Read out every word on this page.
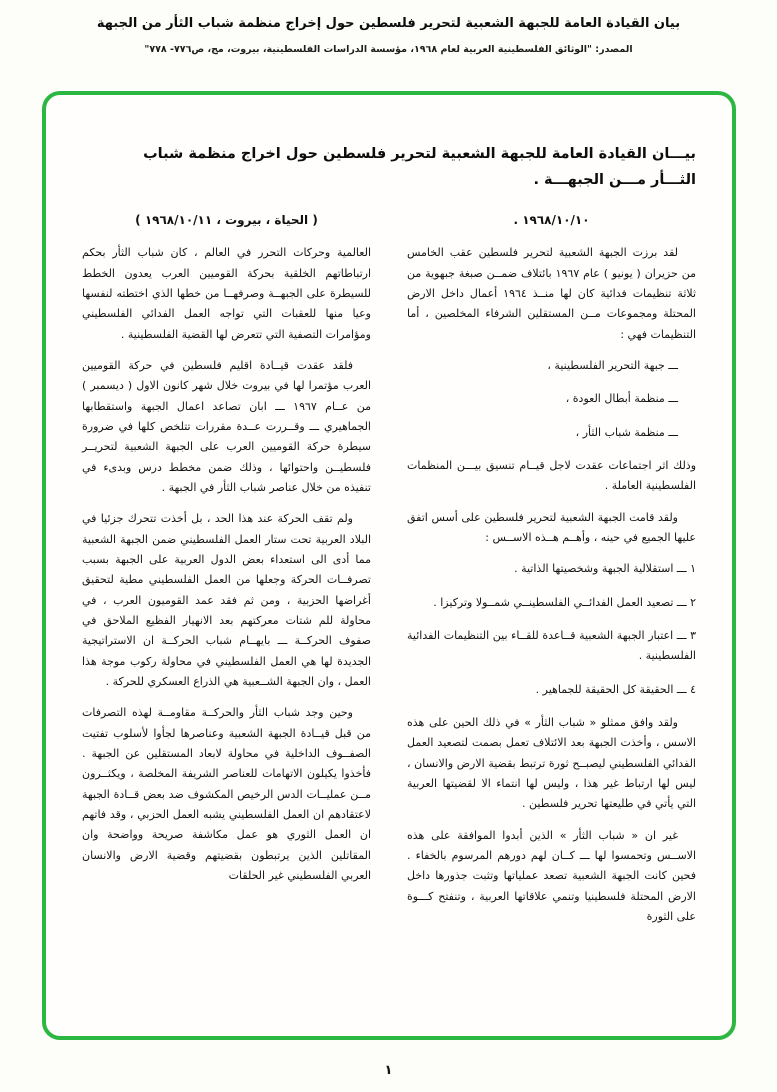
بيان القيادة العامة للجبهة الشعبية لتحرير فلسطين حول إخراج منظمة شباب الثأر من الجبهة
المصدر: "الوثائق الفلسطينية العربية لعام ١٩٦٨، مؤسسة الدراسات الفلسطينية، بيروت، مج، ص٧٧٦- ٧٧٨"
بيـــان القيادة العامة للجبهة الشعبية لتحرير فلسطين حول اخراج منظمة شباب
الثـــأر مـــن الجبهـــة .
١٩٦٨/١٠/١٠ .

لقد برزت الجبهة الشعبية لتحرير فلسطين عقب الخامس من حزيران ( يونيو ) عام ١٩٦٧ بائتلاف ضمــن صبغة جبهوية من ثلاثة تنظيمات فدائية كان لها منــذ ١٩٦٤ أعمال داخل الارض المحتلة ومجموعات مــن المستقلين الشرفاء المخلصين ، أما التنظيمات فهي :

ـــ جبهة التحرير الفلسطينية ،

ـــ منظمة أبطال العودة ،

ـــ منظمة شباب الثأر ،

وذلك اثر اجتماعات عقدت لاجل قيــام تنسيق بيـــن المنظمات الفلسطينية العاملة .

ولقد قامت الجبهة الشعبية لتحرير فلسطين على أسس اتفق عليها الجميع في حينه ، وأهــم هــذه الاســس :

١ ـــ استقلالية الجبهة وشخصيتها الذاتية .

٢ ـــ تصعيد العمل الفدائــي الفلسطينــي شمــولا وتركيزا .

٣ ـــ اعتبار الجبهة الشعبية قــاعدة للقــاء بين التنظيمات الفدائية الفلسطينية .

٤ ـــ الحقيقة كل الحقيقة للجماهير .

ولقد وافق ممثلو « شباب الثأر » في ذلك الحين على هذه الاسس ، وأخذت الجبهة بعد الائتلاف تعمل بصمت لتصعيد العمل الفدائي الفلسطيني ليصبــح ثورة ترتبط بقضية الارض والانسان ، ليس لها ارتباط غير هذا ، وليس لها انتماء الا لقضيتها العربية التي يأتي في طليعتها تحرير فلسطين .

غير ان « شباب الثأر » الذين أبدوا الموافقة على هذه الاســس وتحمسوا لها ـــ كــان لهم دورهم المرسوم بالخفاء . فحين كانت الجبهة الشعبية تصعد عملياتها وتثبت جذورها داخل الارض المحتلة فلسطينيا وتنمي علاقاتها العربية ، وتنفتح كـــوة على الثورة

( الحياة ، بيروت ، ١٩٦٨/١٠/١١ )

العالمية وحركات التحرر في العالم ، كان شباب الثأر بحكم ارتباطاتهم الخلقية بحركة القوميين العرب يعدون الخطط للسيطرة على الجبهــة وصرفهــا من خطها الذي اختطته لنفسها وعيا منها للعقبات التي تواجه العمل الفدائي الفلسطيني ومؤامرات التصفية التي تتعرض لها القضية الفلسطينية .

فلقد عقدت قيــادة اقليم فلسطين في حركة القوميين العرب مؤتمرا لها في بيروت خلال شهر كانون الاول ( ديسمبر ) من عــام ١٩٦٧ ـــ ابان تصاعد اعمال الجبهة واستقطابها الجماهيري ـــ وقــررت عــدة مقررات تتلخص كلها في ضرورة سيطرة حركة القوميين العرب على الجبهة الشعبية لتحريــر فلسطيــن واحتوائها ، وذلك ضمن مخطط درس وبدىء في تنفيذه من خلال عناصر شباب الثأر في الجبهة .

ولم تقف الحركة عند هذا الحد ، بل أخذت تتحرك جزئيا في البلاد العربية تحت ستار العمل الفلسطيني ضمن الجبهة الشعبية مما أدى الى استعداء بعض الدول العربية على الجبهة بسبب تصرفــات الحركة وجعلها من العمل الفلسطيني مطية لتحقيق أغراضها الحزبية ، ومن ثم فقد عمد القوميون العرب ، في محاولة للم شتات معركتهم بعد الانهيار الفظيع الملاحق في صفوف الحركــة ـــ بايهــام شباب الحركــة ان الاستراتيجية الجديدة لها هي العمل الفلسطيني في محاولة ركوب موجة هذا العمل ، وان الجبهة الشــعبية هي الذراع العسكري للحركة .

وحين وجد شباب الثأر والحركــة مقاومــة لهذه التصرفات من قبل قيــادة الجبهة الشعبية وعناصرها لجأوا لأسلوب تفتيت الصفــوف الداخلية في محاولة لابعاد المستقلين عن الجبهة . فأخذوا يكيلون الاتهامات للعناصر الشريفة المخلصة ، ويكثــرون مــن عمليــات الدس الرخيص المكشوف ضد بعض قــادة الجبهة لاعتقادهم ان العمل الفلسطيني يشبه العمل الحزبي ، وقد فاتهم ان العمل الثوري هو عمل مكاشفة صريحة وواضحة وان المقاتلين الذين يرتبطون بقضيتهم وقضية الارض والانسان العربي الفلسطيني غير الحلقات

١
